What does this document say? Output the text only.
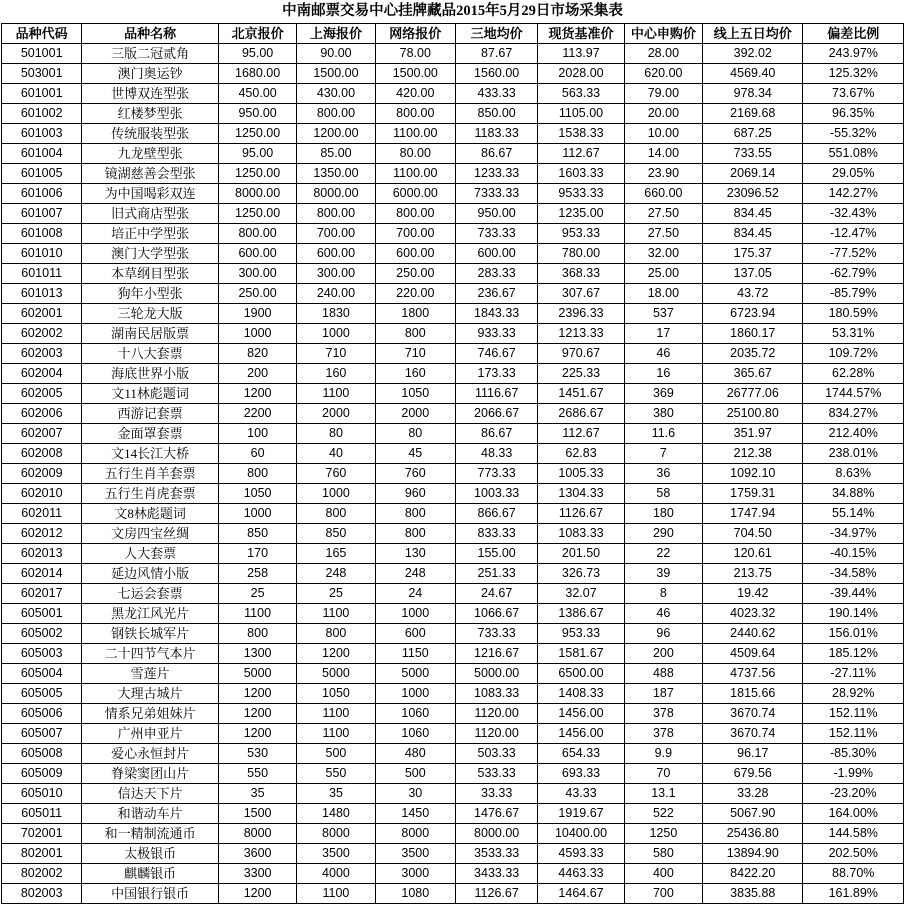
中南邮票交易中心挂牌藏品2015年5月29日市场采集表
品种代码	品种名称	北京报价	上海报价	网络报价	三地均价	现货基准价	中心申购价	线上五日均价	偏差比例
501001	三版二冠贰角	95.00	90.00	78.00	87.67	113.97	28.00	392.02	243.97%
503001	澳门奥运钞	1680.00	1500.00	1500.00	1560.00	2028.00	620.00	4569.40	125.32%
601001	世博双连型张	450.00	430.00	420.00	433.33	563.33	79.00	978.34	73.67%
601002	红楼梦型张	950.00	800.00	800.00	850.00	1105.00	20.00	2169.68	96.35%
601003	传统服装型张	1250.00	1200.00	1100.00	1183.33	1538.33	10.00	687.25	-55.32%
601004	九龙壁型张	95.00	85.00	80.00	86.67	112.67	14.00	733.55	551.08%
601005	镜湖慈善会型张	1250.00	1350.00	1100.00	1233.33	1603.33	23.90	2069.14	29.05%
601006	为中国喝彩双连	8000.00	8000.00	6000.00	7333.33	9533.33	660.00	23096.52	142.27%
601007	旧式商店型张	1250.00	800.00	800.00	950.00	1235.00	27.50	834.45	-32.43%
601008	培正中学型张	800.00	700.00	700.00	733.33	953.33	27.50	834.45	-12.47%
601010	澳门大学型张	600.00	600.00	600.00	600.00	780.00	32.00	175.37	-77.52%
601011	本草纲目型张	300.00	300.00	250.00	283.33	368.33	25.00	137.05	-62.79%
601013	狗年小型张	250.00	240.00	220.00	236.67	307.67	18.00	43.72	-85.79%
602001	三轮龙大版	1900	1830	1800	1843.33	2396.33	537	6723.94	180.59%
602002	湖南民居版票	1000	1000	800	933.33	1213.33	17	1860.17	53.31%
602003	十八大套票	820	710	710	746.67	970.67	46	2035.72	109.72%
602004	海底世界小版	200	160	160	173.33	225.33	16	365.67	62.28%
602005	文11林彪题词	1200	1100	1050	1116.67	1451.67	369	26777.06	1744.57%
602006	西游记套票	2200	2000	2000	2066.67	2686.67	380	25100.80	834.27%
602007	金面罩套票	100	80	80	86.67	112.67	11.6	351.97	212.40%
602008	文14长江大桥	60	40	45	48.33	62.83	7	212.38	238.01%
602009	五行生肖羊套票	800	760	760	773.33	1005.33	36	1092.10	8.63%
602010	五行生肖虎套票	1050	1000	960	1003.33	1304.33	58	1759.31	34.88%
602011	文8林彪题词	1000	800	800	866.67	1126.67	180	1747.94	55.14%
602012	文房四宝丝绸	850	850	800	833.33	1083.33	290	704.50	-34.97%
602013	人大套票	170	165	130	155.00	201.50	22	120.61	-40.15%
602014	延边风情小版	258	248	248	251.33	326.73	39	213.75	-34.58%
602017	七运会套票	25	25	24	24.67	32.07	8	19.42	-39.44%
605001	黑龙江风光片	1100	1100	1000	1066.67	1386.67	46	4023.32	190.14%
605002	钢铁长城军片	800	800	600	733.33	953.33	96	2440.62	156.01%
605003	二十四节气本片	1300	1200	1150	1216.67	1581.67	200	4509.64	185.12%
605004	雪莲片	5000	5000	5000	5000.00	6500.00	488	4737.56	-27.11%
605005	大理古城片	1200	1050	1000	1083.33	1408.33	187	1815.66	28.92%
605006	情系兄弟姐妹片	1200	1100	1060	1120.00	1456.00	378	3670.74	152.11%
605007	广州申亚片	1200	1100	1060	1120.00	1456.00	378	3670.74	152.11%
605008	爱心永恒封片	530	500	480	503.33	654.33	9.9	96.17	-85.30%
605009	脊梁窦团山片	550	550	500	533.33	693.33	70	679.56	-1.99%
605010	信达天下片	35	35	30	33.33	43.33	13.1	33.28	-23.20%
605011	和谐动车片	1500	1480	1450	1476.67	1919.67	522	5067.90	164.00%
702001	和一精制流通币	8000	8000	8000	8000.00	10400.00	1250	25436.80	144.58%
802001	太极银币	3600	3500	3500	3533.33	4593.33	580	13894.90	202.50%
802002	麒麟银币	3300	4000	3000	3433.33	4463.33	400	8422.20	88.70%
802003	中国银行银币	1200	1100	1080	1126.67	1464.67	700	3835.88	161.89%
